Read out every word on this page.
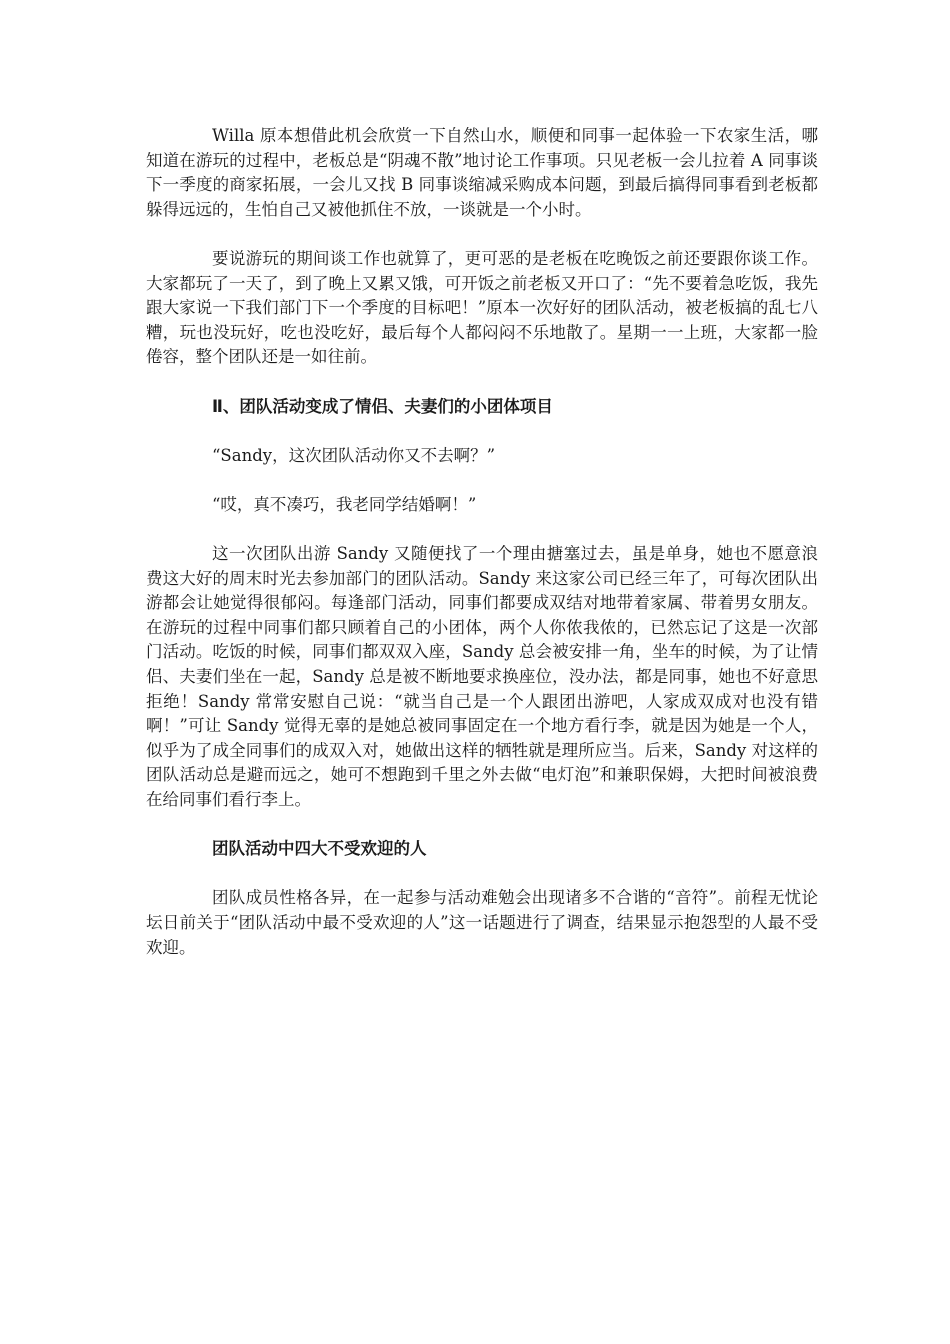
Willa 原本想借此机会欣赏一下自然山水，顺便和同事一起体验一下农家生活，哪知道在游玩的过程中，老板总是“阴魂不散”地讨论工作事项。只见老板一会儿拉着 A 同事谈下一季度的商家拓展，一会儿又找 B 同事谈缩减采购成本问题，到最后搞得同事看到老板都躲得远远的，生怕自己又被他抓住不放，一谈就是一个小时。

要说游玩的期间谈工作也就算了，更可恶的是老板在吃晚饭之前还要跟你谈工作。大家都玩了一天了，到了晚上又累又饿，可开饭之前老板又开口了：“先不要着急吃饭，我先跟大家说一下我们部门下一个季度的目标吧！”原本一次好好的团队活动，被老板搞的乱七八糟，玩也没玩好，吃也没吃好，最后每个人都闷闷不乐地散了。星期一一上班，大家都一脸倦容，整个团队还是一如往前。

Ⅱ、团队活动变成了情侣、夫妻们的小团体项目

“Sandy，这次团队活动你又不去啊？”

“哎，真不凑巧，我老同学结婚啊！”

这一次团队出游 Sandy 又随便找了一个理由搪塞过去，虽是单身，她也不愿意浪费这大好的周末时光去参加部门的团队活动。Sandy 来这家公司已经三年了，可每次团队出游都会让她觉得很郁闷。每逢部门活动，同事们都要成双结对地带着家属、带着男女朋友。在游玩的过程中同事们都只顾着自己的小团体，两个人你侬我侬的，已然忘记了这是一次部门活动。吃饭的时候，同事们都双双入座，Sandy 总会被安排一角，坐车的时候，为了让情侣、夫妻们坐在一起，Sandy 总是被不断地要求换座位，没办法，都是同事，她也不好意思拒绝！Sandy 常常安慰自己说：“就当自己是一个人跟团出游吧，人家成双成对也没有错啊！”可让 Sandy 觉得无辜的是她总被同事固定在一个地方看行李，就是因为她是一个人，似乎为了成全同事们的成双入对，她做出这样的牺牲就是理所应当。后来，Sandy 对这样的团队活动总是避而远之，她可不想跑到千里之外去做“电灯泡”和兼职保姆，大把时间被浪费在给同事们看行李上。

团队活动中四大不受欢迎的人

团队成员性格各异，在一起参与活动难勉会出现诸多不合谐的“音符”。前程无忧论坛日前关于“团队活动中最不受欢迎的人”这一话题进行了调查，结果显示抱怨型的人最不受欢迎。
